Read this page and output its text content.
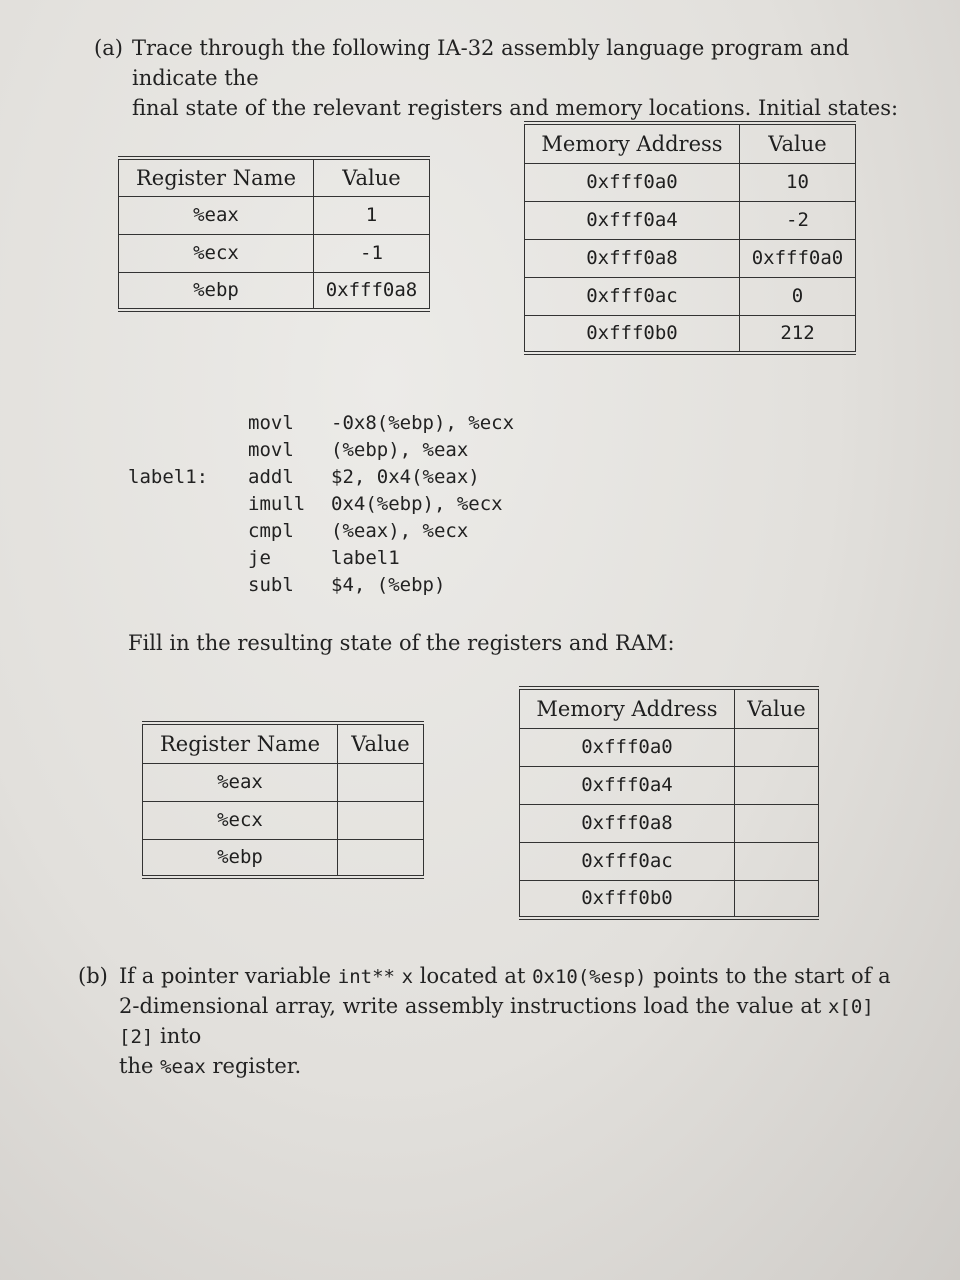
(a) Trace through the following IA-32 assembly language program and indicate the
final state of the relevant registers and memory locations. Initial states:
Register Name	Value
%eax	1
%ecx	-1
%ebp	0xfff0a8
Memory Address	Value
0xfff0a0	10
0xfff0a4	-2
0xfff0a8	0xfff0a0
0xfff0ac	0
0xfff0b0	212
movl -0x8(%ebp), %ecx
movl (%ebp), %eax
label1: addl $2, 0x4(%eax)
imull 0x4(%ebp), %ecx
cmpl (%eax), %ecx
je	label1
subl $4, (%ebp)
Fill in the resulting state of the registers and RAM:
Memory Address	Value
0xfff0a0	
0xfff0a4	
0xfff0a8	
0xfff0ac	
0xfff0b0	
Register Name	Value
%eax	
%ecx	
%ebp	
(b) If a pointer variable int** x located at 0x10(%esp) points to the start of a
2-dimensional array, write assembly instructions load the value at x[0][2] into
the %eax register.
